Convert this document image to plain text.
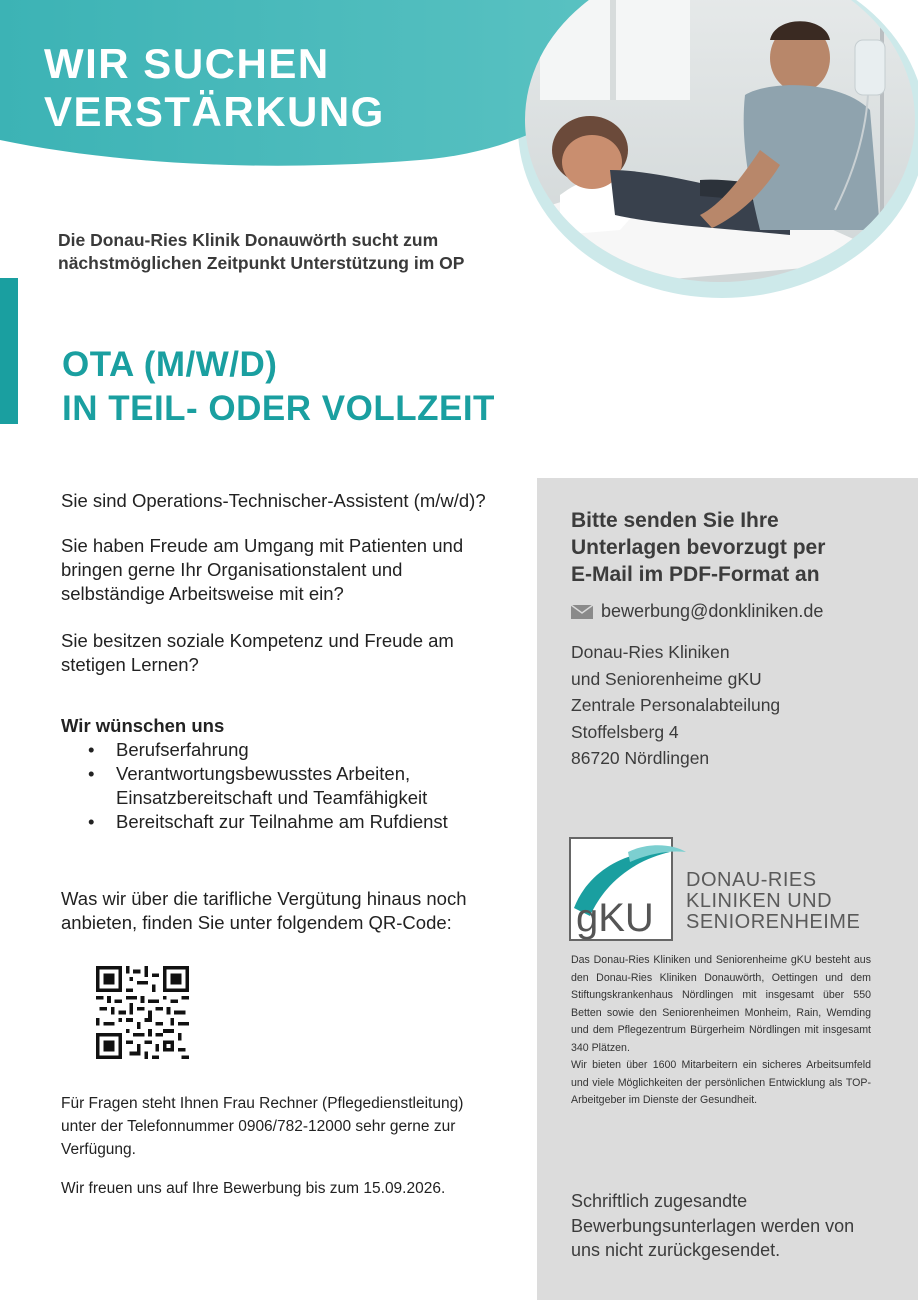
WIR SUCHEN
VERSTÄRKUNG
Die Donau-Ries Klinik Donauwörth sucht zum
nächstmöglichen Zeitpunkt Unterstützung im OP
OTA (M/W/D)
IN TEIL- ODER VOLLZEIT

Sie sind Operations-Technischer-Assistent (m/w/d)?

Sie haben Freude am Umgang mit Patienten und

bringen gerne Ihr Organisationstalent und

selbständige Arbeitsweise mit ein?

Sie besitzen soziale Kompetenz und Freude am

stetigen Lernen?

Wir wünschen uns

• Berufserfahrung
• Verantwortungsbewusstes Arbeiten,
Einsatzbereitschaft und Teamfähigkeit
• Bereitschaft zur Teilnahme am Rufdienst

Was wir über die tarifliche Vergütung hinaus noch

anbieten, finden Sie unter folgendem QR-Code:

Für Fragen steht Ihnen Frau Rechner (Pflegedienstleitung)

unter der Telefonnummer 0906/782-12000 sehr gerne zur

Verfügung.

Wir freuen uns auf Ihre Bewerbung bis zum 15.09.2026.

Bitte senden Sie Ihre
Unterlagen bevorzugt per
E-Mail im PDF-Format an
bewerbung@donkliniken.de
Donau-Ries Kliniken
und Seniorenheime gKU
Zentrale Personalabteilung
Stoffelsberg 4
86720 Nördlingen
gKU
DONAU-RIES
KLINIKEN UND
SENIORENHEIME

Das Donau-Ries Kliniken und Seniorenheime gKU besteht aus den Donau-Ries Kliniken Donauwörth, Oettingen und dem Stiftungskrankenhaus Nördlingen mit insgesamt über 550 Betten sowie den Seniorenheimen Monheim, Rain, Wemding und dem Pflegezentrum Bürgerheim Nördlingen mit insgesamt 340 Plätzen.

Wir bieten über 1600 Mitarbeitern ein sicheres Arbeitsumfeld und viele Möglichkeiten der persönlichen Entwicklung als TOP-Arbeitgeber im Dienste der Gesundheit.

Schriftlich zugesandte
Bewerbungsunterlagen werden von
uns nicht zurückgesendet.
